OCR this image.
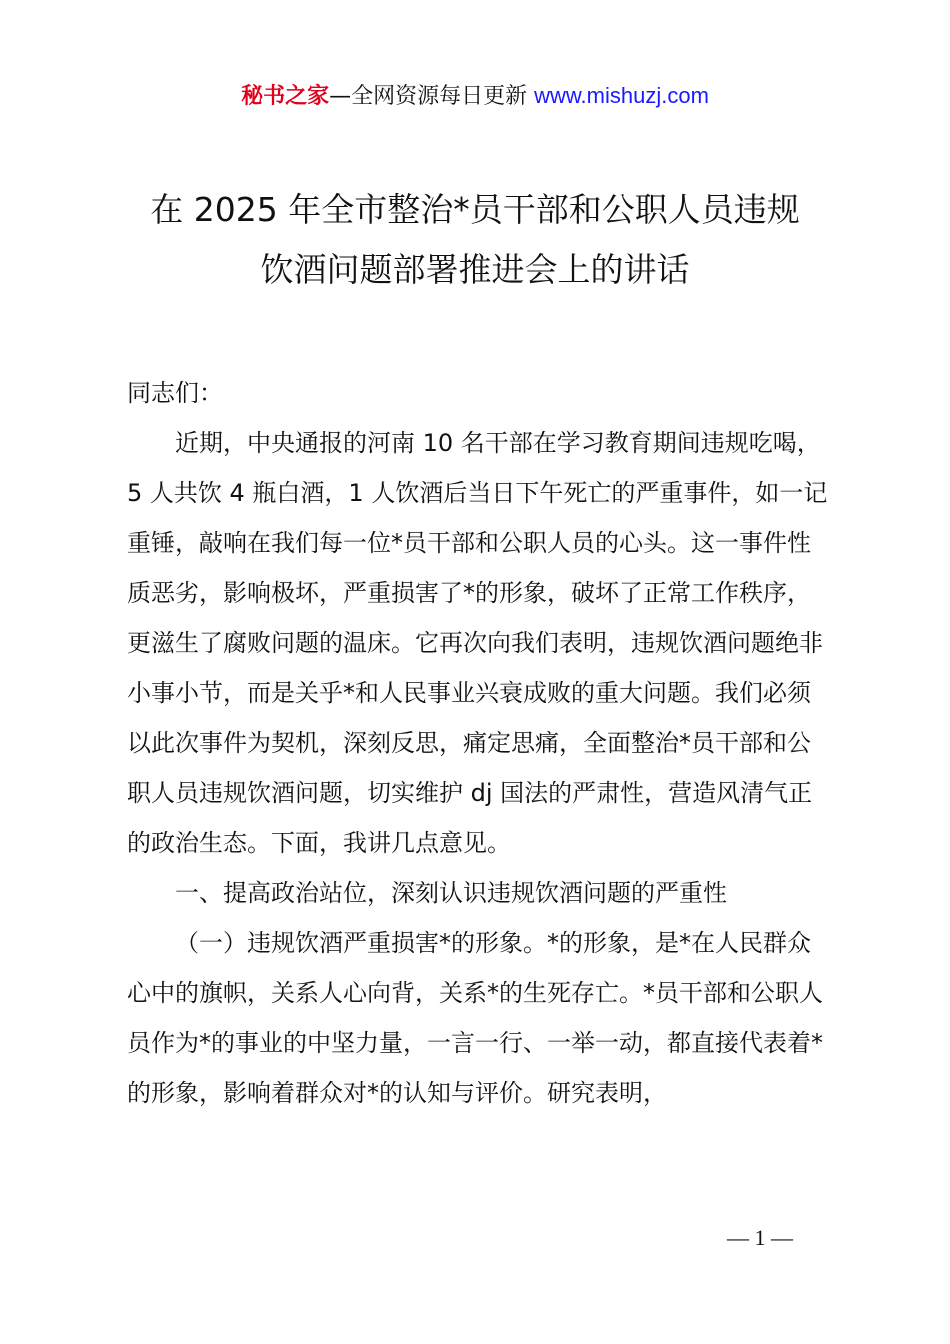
秘书之家—全网资源每日更新 www.mishuzj.com
在 2025 年全市整治*员干部和公职人员违规
饮酒问题部署推进会上的讲话

同志们：

近期，中央通报的河南 10 名干部在学习教育期间违规吃喝，5 人共饮 4 瓶白酒，1 人饮酒后当日下午死亡的严重事件，如一记重锤，敲响在我们每一位*员干部和公职人员的心头。这一事件性质恶劣，影响极坏，严重损害了*的形象，破坏了正常工作秩序，更滋生了腐败问题的温床。它再次向我们表明，违规饮酒问题绝非小事小节，而是关乎*和人民事业兴衰成败的重大问题。我们必须以此次事件为契机，深刻反思，痛定思痛，全面整治*员干部和公职人员违规饮酒问题，切实维护 dj 国法的严肃性，营造风清气正的政治生态。下面，我讲几点意见。

一、提高政治站位，深刻认识违规饮酒问题的严重性

（一）违规饮酒严重损害*的形象。*的形象，是*在人民群众心中的旗帜，关系人心向背，关系*的生死存亡。*员干部和公职人员作为*的事业的中坚力量，一言一行、一举一动，都直接代表着*的形象，影响着群众对*的认知与评价。研究表明，

— 1 —
